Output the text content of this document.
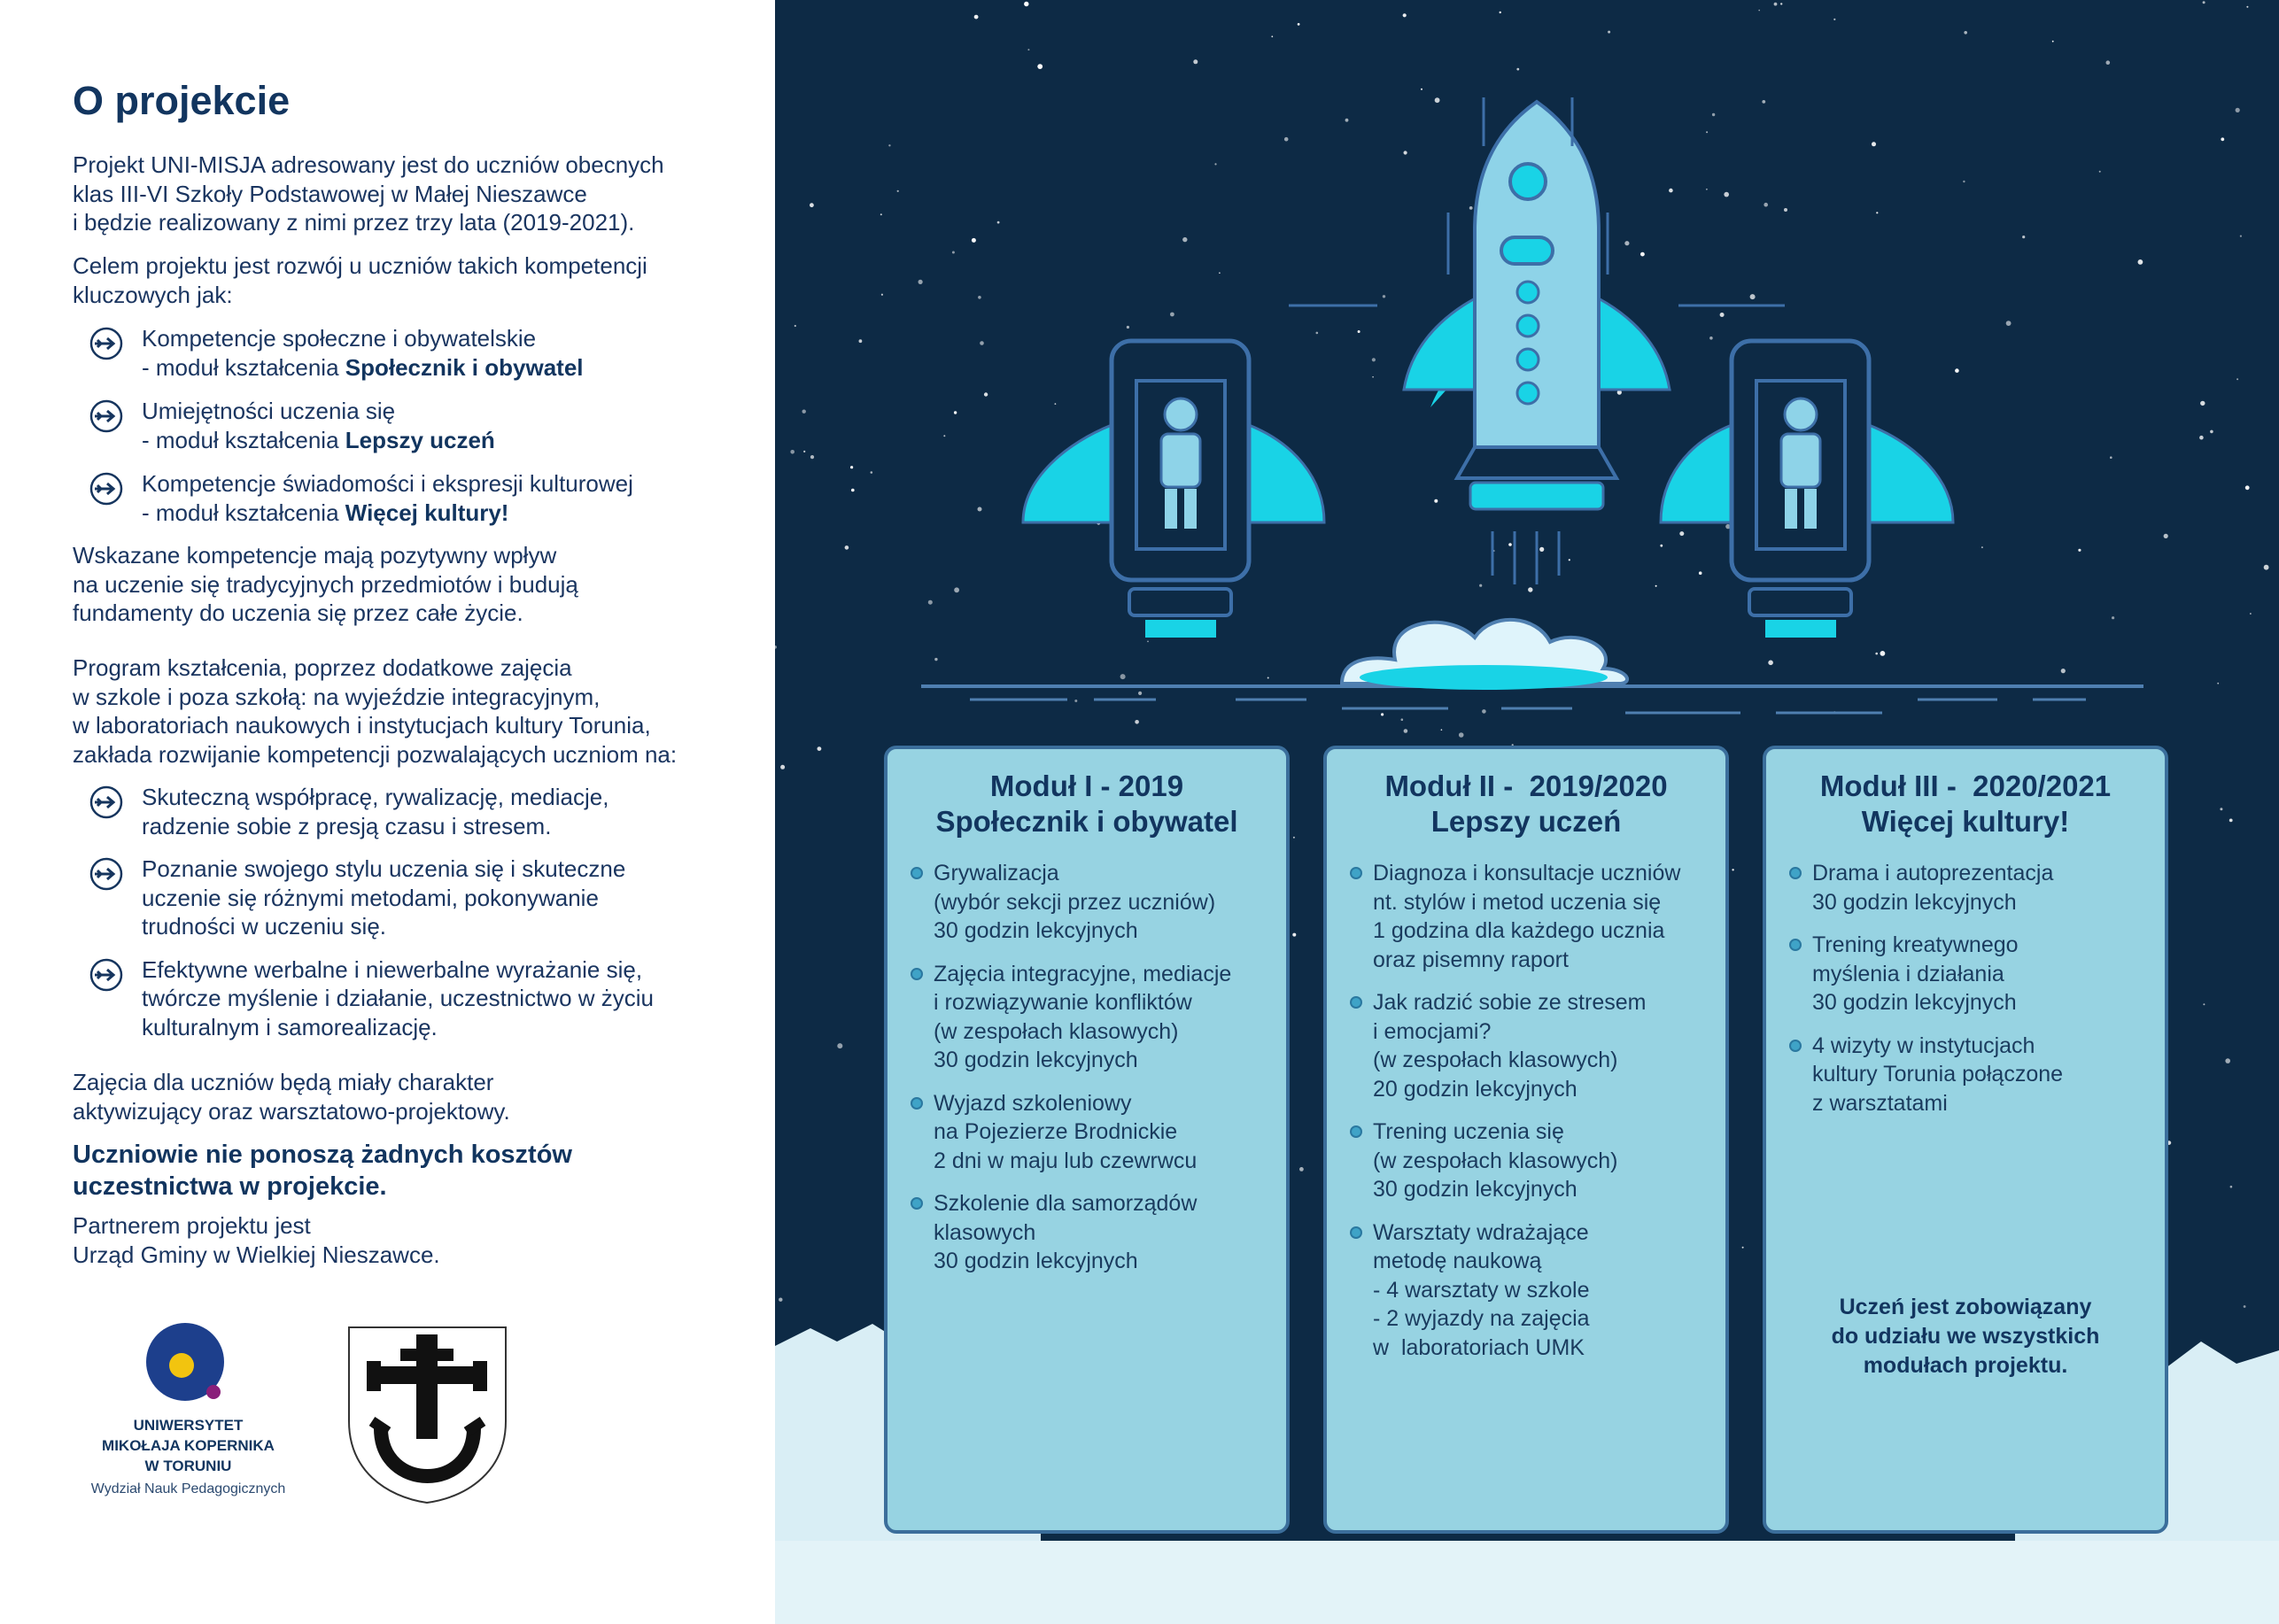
O projekcie

Projekt UNI-MISJA adresowany jest do uczniów obecnych
klas III-VI Szkoły Podstawowej w Małej Nieszawce
i będzie realizowany z nimi przez trzy lata (2019-2021).

Celem projektu jest rozwój u uczniów takich kompetencji
kluczowych jak:

Kompetencje społeczne i obywatelskie
- moduł kształcenia Społecznik i obywatel
Umiejętności uczenia się
- moduł kształcenia Lepszy uczeń
Kompetencje świadomości i ekspresji kulturowej
- moduł kształcenia Więcej kultury!

Wskazane kompetencje mają pozytywny wpływ
na uczenie się tradycyjnych przedmiotów i budują
fundamenty do uczenia się przez całe życie.

Program kształcenia, poprzez dodatkowe zajęcia
w szkole i poza szkołą: na wyjeździe integracyjnym,
w laboratoriach naukowych i instytucjach kultury Torunia,
zakłada rozwijanie kompetencji pozwalających uczniom na:

Skuteczną współpracę, rywalizację, mediacje,
radzenie sobie z presją czasu i stresem.
Poznanie swojego stylu uczenia się i skuteczne
uczenie się różnymi metodami, pokonywanie
trudności w uczeniu się.
Efektywne werbalne i niewerbalne wyrażanie się,
twórcze myślenie i działanie, uczestnictwo w życiu
kulturalnym i samorealizację.

Zajęcia dla uczniów będą miały charakter
aktywizujący oraz warsztatowo-projektowy.

Uczniowie nie ponoszą żadnych kosztów
uczestnictwa w projekcie.

Partnerem projektu jest
Urząd Gminy w Wielkiej Nieszawce.

UNIWERSYTET
MIKOŁAJA KOPERNIKA
W TORUNIU
Wydział Nauk Pedagogicznych
Moduł I - 2019
Społecznik i obywatel
Grywalizacja
(wybór sekcji przez uczniów)
30 godzin lekcyjnych
Zajęcia integracyjne, mediacje
i rozwiązywanie konfliktów
(w zespołach klasowych)
30 godzin lekcyjnych
Wyjazd szkoleniowy
na Pojezierze Brodnickie
2 dni w maju lub czewrwcu
Szkolenie dla samorządów
klasowych
30 godzin lekcyjnych
Moduł II -  2019/2020
Lepszy uczeń
Diagnoza i konsultacje uczniów
nt. stylów i metod uczenia się
1 godzina dla każdego ucznia
oraz pisemny raport
Jak radzić sobie ze stresem
i emocjami?
(w zespołach klasowych)
20 godzin lekcyjnych
Trening uczenia się
(w zespołach klasowych)
30 godzin lekcyjnych
Warsztaty wdrażające
metodę naukową
- 4 warsztaty w szkole
- 2 wyjazdy na zajęcia
w  laboratoriach UMK
Moduł III -  2020/2021
Więcej kultury!
Drama i autoprezentacja
30 godzin lekcyjnych
Trening kreatywnego
myślenia i działania
30 godzin lekcyjnych
4 wizyty w instytucjach
kultury Torunia połączone
z warsztatami
Uczeń jest zobowiązany
do udziału we wszystkich
modułach projektu.
